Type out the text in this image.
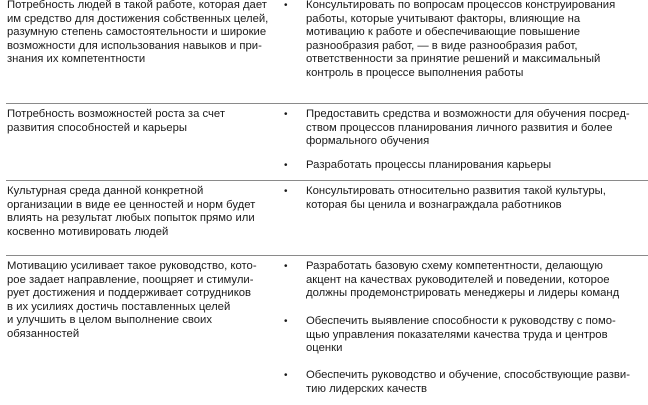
Потребность людей в такой работе, которая дает
им средство для достижения собственных целей,
разумную степень самостоятельности и широкие
возможности для использования навыков и при-
знания их компетентности
•	Консультировать по вопросам процессов конструирования
работы, которые учитывают факторы, влияющие на
мотивацию к работе и обеспечивающие повышение
разнообразия работ, — в виде разнообразия работ,
ответственности за принятие решений и максимальный
контроль в процессе выполнения работы
Потребность возможностей роста за счет
развития способностей и карьеры
•	Предоставить средства и возможности для обучения посред-
ством процессов планирования личного развития и более
формального обучения
•	Разработать процессы планирования карьеры
Культурная среда данной конкретной
организации в виде ее ценностей и норм будет
влиять на результат любых попыток прямо или
косвенно мотивировать людей
•	Консультировать относительно развития такой культуры,
которая бы ценила и вознаграждала работников
Мотивацию усиливает такое руководство, кото-
рое задает направление, поощряет и стимули-
рует достижения и поддерживает сотрудников
в их усилиях достичь поставленных целей
и улучшить в целом выполнение своих
обязанностей
•	Разработать базовую схему компетентности, делающую
акцент на качествах руководителей и поведении, которое
должны продемонстрировать менеджеры и лидеры команд
•	Обеспечить выявление способности к руководству с помо-
щью управления показателями качества труда и центров
оценки
•	Обеспечить руководство и обучение, способствующие разви-
тию лидерских качеств
